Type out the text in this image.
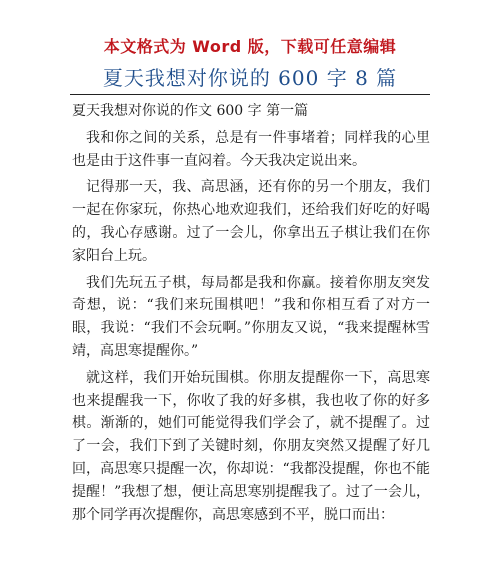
本文格式为 Word 版，下载可任意编辑
夏天我想对你说的 600 字 8 篇

夏天我想对你说的作文 600 字 第一篇

我和你之间的关系，总是有一件事堵着；同样我的心里也是由于这件事一直闷着。今天我决定说出来。

记得那一天，我、高思涵，还有你的另一个朋友，我们一起在你家玩，你热心地欢迎我们，还给我们好吃的好喝的，我心存感谢。过了一会儿，你拿出五子棋让我们在你家阳台上玩。

我们先玩五子棋，每局都是我和你赢。接着你朋友突发奇想，说：“我们来玩围棋吧！”我和你相互看了对方一眼，我说：“我们不会玩啊。”你朋友又说，“我来提醒林雪靖，高思寒提醒你。”

就这样，我们开始玩围棋。你朋友提醒你一下，高思寒也来提醒我一下，你收了我的好多棋，我也收了你的好多棋。渐渐的，她们可能觉得我们学会了，就不提醒了。过了一会，我们下到了关键时刻，你朋友突然又提醒了好几回，高思寒只提醒一次，你却说：“我都没提醒，你也不能提醒！”我想了想，便让高思寒别提醒我了。过了一会儿，那个同学再次提醒你，高思寒感到不平，脱口而出：
